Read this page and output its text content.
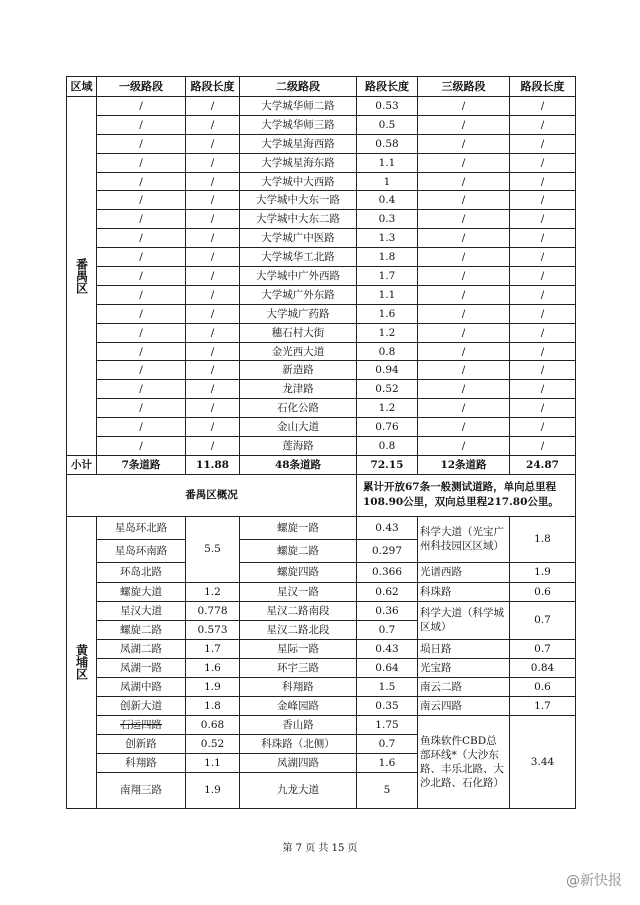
区域	一级路段	路段长度	二级路段	路段长度	三级路段	路段长度
番禺区	/	/	大学城华师二路	0.53	/	/
	/	/	大学城华师三路	0.5	/	/
	/	/	大学城星海西路	0.58	/	/
	/	/	大学城星海东路	1.1	/	/
	/	/	大学城中大西路	1	/	/
	/	/	大学城中大东一路	0.4	/	/
	/	/	大学城中大东二路	0.3	/	/
	/	/	大学城广中医路	1.3	/	/
	/	/	大学城华工北路	1.8	/	/
	/	/	大学城中广外西路	1.7	/	/
	/	/	大学城广外东路	1.1	/	/
	/	/	大学城广药路	1.6	/	/
	/	/	穗石村大街	1.2	/	/
	/	/	金光西大道	0.8	/	/
	/	/	新造路	0.94	/	/
	/	/	龙津路	0.52	/	/
	/	/	石化公路	1.2	/	/
	/	/	金山大道	0.76	/	/
	/	/	莲海路	0.8	/	/
小计	7条道路	11.88	48条道路	72.15	12条道路	24.87
番禺区概况				累计开放67条一般测试道路，单向总里程108.90公里，双向总里程217.80公里。		
黄埔区	星岛环北路	5.5	螺旋一路	0.43	科学大道（光宝广州科技园区区域）	1.8
	星岛环南路		螺旋二路	0.297		
	环岛北路		螺旋四路	0.366	光谱西路	1.9
	螺旋大道	1.2	星汉一路	0.62	科珠路	0.6
	星汉大道	0.778	星汉二路南段	0.36	科学大道（科学城区域）	0.7
	螺旋二路	0.573	星汉二路北段	0.7		
	凤湖二路	1.7	星际一路	0.43	埙日路	0.7
	凤湖一路	1.6	环宇三路	0.64	光宝路	0.84
	凤湖中路	1.9	科翔路	1.5	南云二路	0.6
	创新大道	1.8	金峰园路	0.35	南云四路	1.7
	石运四路	0.68	香山路	1.75	鱼珠软件CBD总部环线*（大沙东路、丰乐北路、大沙北路、石化路）	3.44
	创新路	0.52	科珠路（北侧）	0.7		
	科翔路	1.1	凤湖四路	1.6		
	南翔三路	1.9	九龙大道	5		
第 7 页 共 15 页
@新快报
